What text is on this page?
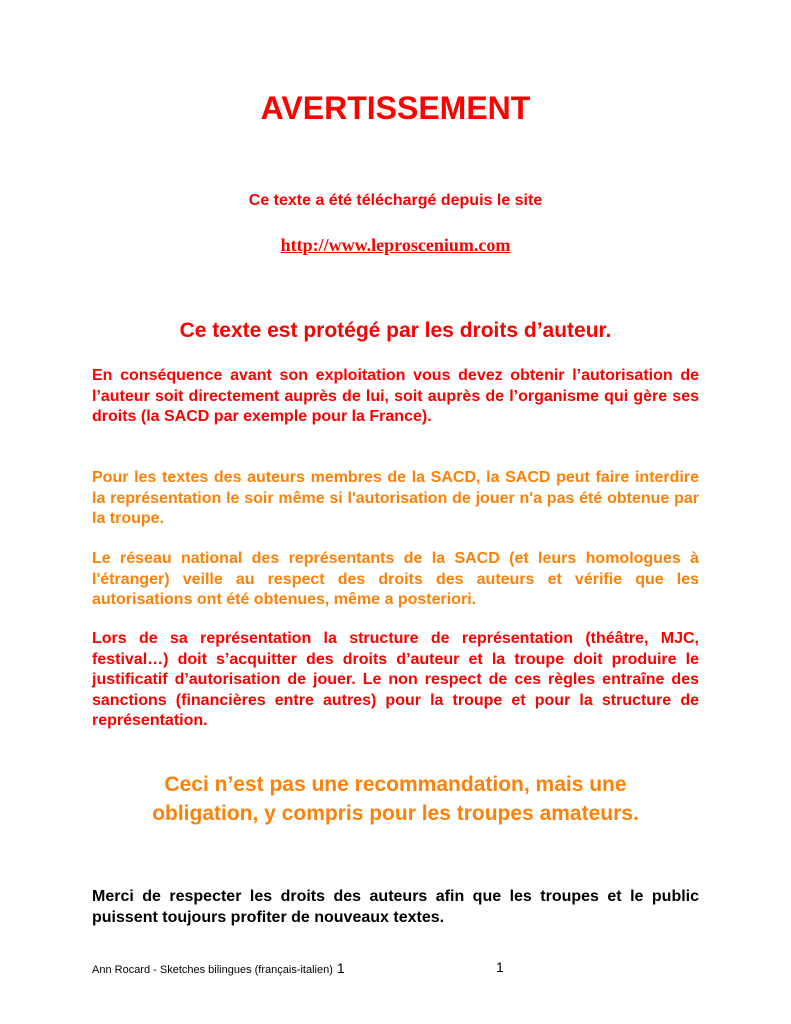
AVERTISSEMENT
Ce texte a été téléchargé depuis le site
http://www.leproscenium.com
Ce texte est protégé par les droits d’auteur.
En conséquence avant son exploitation vous devez obtenir l’autorisation de l’auteur soit directement auprès de lui, soit auprès de l’organisme qui gère ses droits (la SACD par exemple pour la France).
Pour les textes des auteurs membres de la SACD, la SACD peut faire interdire la représentation le soir même si l'autorisation de jouer n'a pas été obtenue par la troupe.
Le réseau national des représentants de la SACD (et leurs homologues à l'étranger) veille au respect des droits des auteurs et vérifie que les autorisations ont été obtenues, même a posteriori.
Lors de sa représentation la structure de représentation (théâtre, MJC, festival…) doit s’acquitter des droits d’auteur et la troupe doit produire le justificatif d’autorisation de jouer. Le non respect de ces règles entraîne des sanctions (financières entre autres) pour la troupe et pour la structure de représentation.
Ceci n’est pas une recommandation, mais une
obligation, y compris pour les troupes amateurs.
Merci de respecter les droits des auteurs afin que les troupes et le public puissent toujours profiter de nouveaux textes.
Ann Rocard - Sketches bilingues (français-italien) 1	1
